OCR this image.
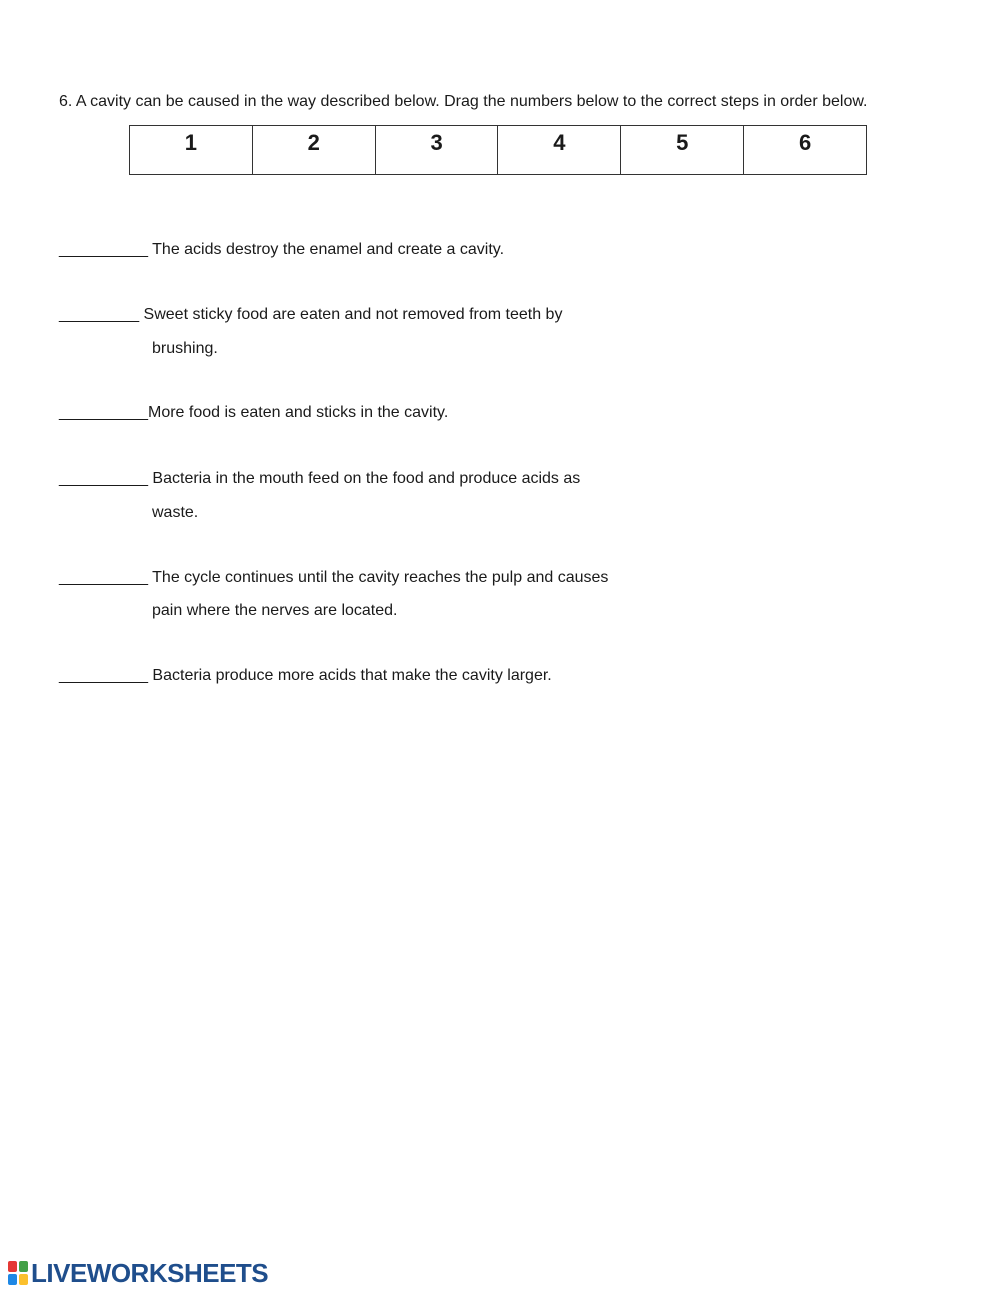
6. A cavity can be caused in the way described below. Drag the numbers below to the correct steps in order below.
1	2	3	4	5	6
__________ The acids destroy the enamel and create a cavity.
_________ Sweet sticky food are eaten and not removed from teeth by
brushing.
__________More food is eaten and sticks in the cavity.
__________ Bacteria in the mouth feed on the food and produce acids as
waste.
__________ The cycle continues until the cavity reaches the pulp and causes
pain where the nerves are located.
__________ Bacteria produce more acids that make the cavity larger.
LIVEWORKSHEETS
